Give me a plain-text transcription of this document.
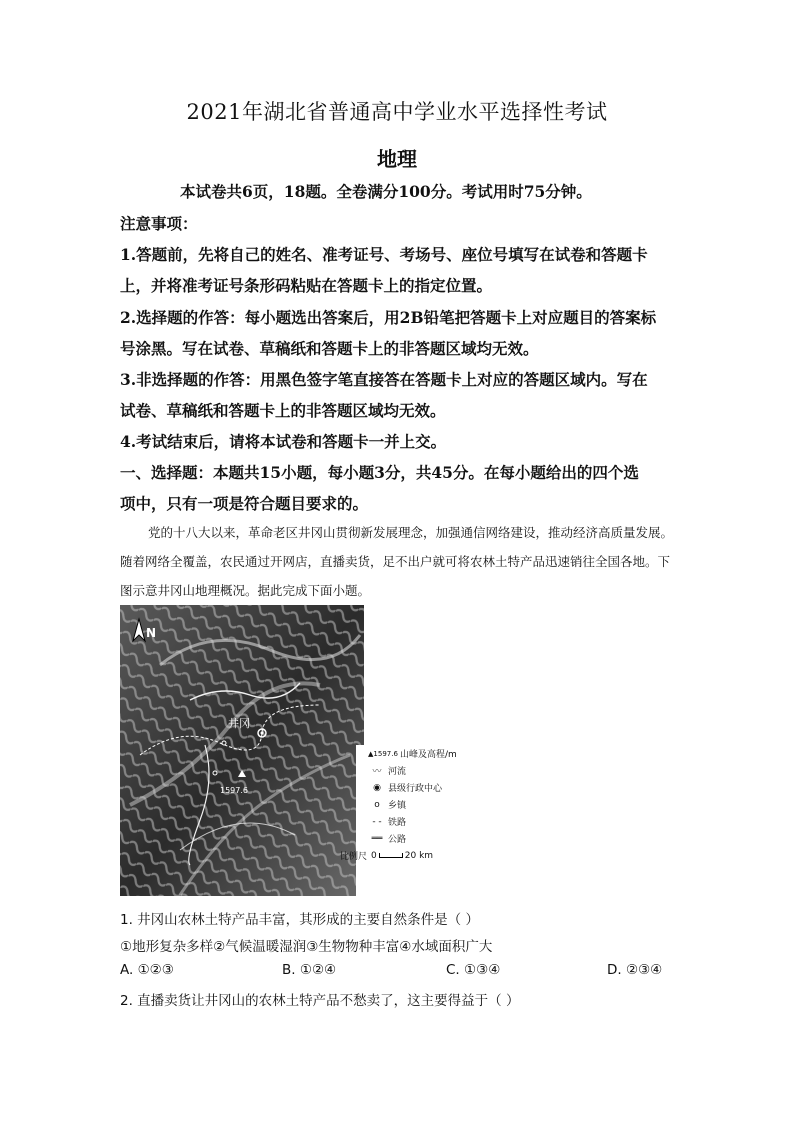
2021年湖北省普通高中学业水平选择性考试
地理
本试卷共6页，18题。全卷满分100分。考试用时75分钟。
注意事项：
1.答题前，先将自己的姓名、准考证号、考场号、座位号填写在试卷和答题卡
上，并将准考证号条形码粘贴在答题卡上的指定位置。
2.选择题的作答：每小题选出答案后，用2B铅笔把答题卡上对应题目的答案标
号涂黑。写在试卷、草稿纸和答题卡上的非答题区域均无效。
3.非选择题的作答：用黑色签字笔直接答在答题卡上对应的答题区域内。写在
试卷、草稿纸和答题卡上的非答题区域均无效。
4.考试结束后，请将本试卷和答题卡一并上交。
一、选择题：本题共15小题，每小题3分，共45分。在每小题给出的四个选
项中，只有一项是符合题目要求的。
党的十八大以来，革命老区井冈山贯彻新发展理念，加强通信网络建设，推动经济高质量发展。随着网络全覆盖，农民通过开网店，直播卖货，足不出户就可将农林土特产品迅速销往全国各地。下图示意井冈山地理概况。据此完成下面小题。
N
井冈
1597.6
▲1597.6 山峰及高程/m
〰 河流
◉ 县级行政中心
o 乡镇
- - 铁路
══ 公路
比例尺 0	20 km
1. 井冈山农林土特产品丰富，其形成的主要自然条件是（ ）
①地形复杂多样②气候温暖湿润③生物物种丰富④水域面积广大
A. ①②③	B. ①②④	C. ①③④	D. ②③④
2. 直播卖货让井冈山的农林土特产品不愁卖了，这主要得益于（ ）
